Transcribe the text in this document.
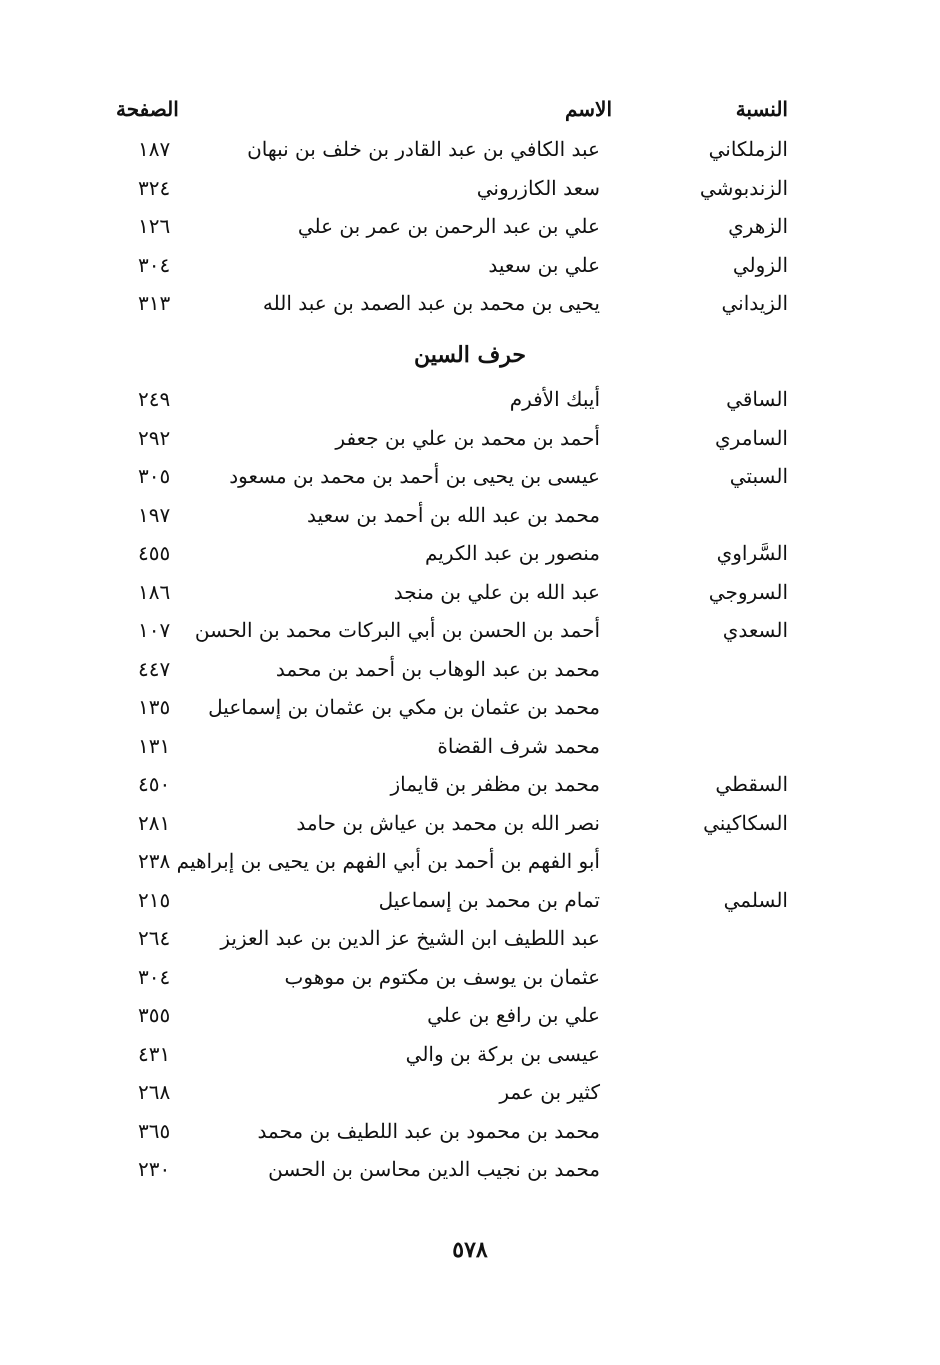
النسبة
الاسم
الصفحة
الزملكاني
عبد الكافي بن عبد القادر بن خلف بن نبهان
١٨٧
الزندبوشي
سعد الكازروني
٣٢٤
الزهري
علي بن عبد الرحمن بن عمر بن علي
١٢٦
الزولي
علي بن سعيد
٣٠٤
الزيداني
يحيى بن محمد بن عبد الصمد بن عبد الله
٣١٣
حرف السين
الساقي
أيبك الأفرم
٢٤٩
السامري
أحمد بن محمد بن علي بن جعفر
٢٩٢
السبتي
عيسى بن يحيى بن أحمد بن محمد بن مسعود
٣٠٥
محمد بن عبد الله بن أحمد بن سعيد
١٩٧
السَّراوي
منصور بن عبد الكريم
٤٥٥
السروجي
عبد الله بن علي بن منجد
١٨٦
السعدي
أحمد بن الحسن بن أبي البركات محمد بن الحسن
١٠٧
محمد بن عبد الوهاب بن أحمد بن محمد
٤٤٧
محمد بن عثمان بن مكي بن عثمان بن إسماعيل
١٣٥
محمد شرف القضاة
١٣١
السقطي
محمد بن مظفر بن قايماز
٤٥٠
السكاكيني
نصر الله بن محمد بن عياش بن حامد
٢٨١
أبو الفهم بن أحمد بن أبي الفهم بن يحيى بن إبراهيم
٢٣٨
السلمي
تمام بن محمد بن إسماعيل
٢١٥
عبد اللطيف ابن الشيخ عز الدين بن عبد العزيز
٢٦٤
عثمان بن يوسف بن مكتوم بن موهوب
٣٠٤
علي بن رافع بن علي
٣٥٥
عيسى بن بركة بن والي
٤٣١
كثير بن عمر
٢٦٨
محمد بن محمود بن عبد اللطيف بن محمد
٣٦٥
محمد بن نجيب الدين محاسن بن الحسن
٢٣٠
٥٧٨
